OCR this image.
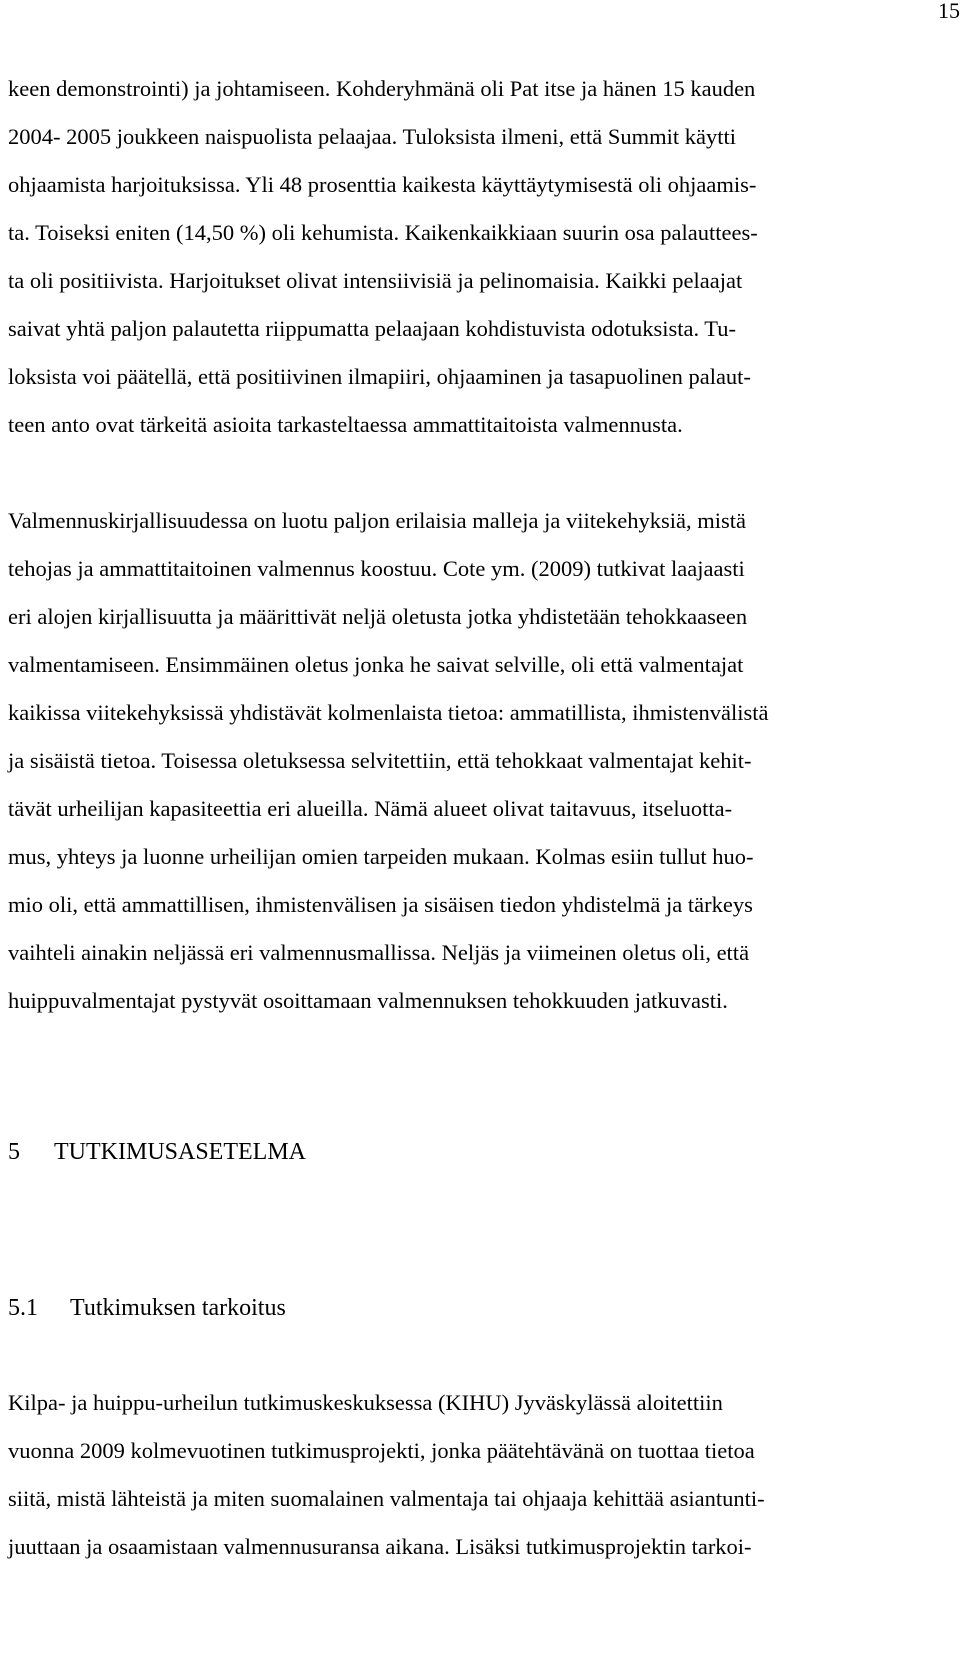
15
keen demonstrointi) ja johtamiseen. Kohderyhmänä oli Pat itse ja hänen 15 kauden
2004- 2005 joukkeen naispuolista pelaajaa. Tuloksista ilmeni, että Summit käytti
ohjaamista harjoituksissa. Yli 48 prosenttia kaikesta käyttäytymisestä oli ohjaamis-
ta. Toiseksi eniten (14,50 %) oli kehumista. Kaikenkaikkiaan suurin osa palauttees-
ta oli positiivista. Harjoitukset olivat intensiivisiä ja pelinomaisia. Kaikki pelaajat
saivat yhtä paljon palautetta riippumatta pelaajaan kohdistuvista odotuksista. Tu-
loksista voi päätellä, että positiivinen ilmapiiri, ohjaaminen ja tasapuolinen palaut-
teen anto ovat tärkeitä asioita tarkasteltaessa ammattitaitoista valmennusta.
Valmennuskirjallisuudessa on luotu paljon erilaisia malleja ja viitekehyksiä, mistä
tehojas ja ammattitaitoinen valmennus koostuu. Cote ym. (2009) tutkivat laajaasti
eri alojen kirjallisuutta ja määrittivät neljä oletusta jotka yhdistetään tehokkaaseen
valmentamiseen. Ensimmäinen oletus jonka he saivat selville, oli että valmentajat
kaikissa viitekehyksissä yhdistävät kolmenlaista tietoa: ammatillista, ihmistenvälistä
ja sisäistä tietoa. Toisessa oletuksessa selvitettiin, että tehokkaat valmentajat kehit-
tävät urheilijan kapasiteettia eri alueilla. Nämä alueet olivat taitavuus, itseluotta-
mus, yhteys ja luonne urheilijan omien tarpeiden mukaan. Kolmas esiin tullut huo-
mio oli, että ammattillisen, ihmistenvälisen ja sisäisen tiedon yhdistelmä ja tärkeys
vaihteli ainakin neljässä eri valmennusmallissa. Neljäs ja viimeinen oletus oli, että
huippuvalmentajat pystyvät osoittamaan valmennuksen tehokkuuden jatkuvasti.
5 TUTKIMUSASETELMA
5.1 Tutkimuksen tarkoitus
Kilpa- ja huippu-urheilun tutkimuskeskuksessa (KIHU) Jyväskylässä aloitettiin
vuonna 2009 kolmevuotinen tutkimusprojekti, jonka päätehtävänä on tuottaa tietoa
siitä, mistä lähteistä ja miten suomalainen valmentaja tai ohjaaja kehittää asiantunti-
juuttaan ja osaamistaan valmennusuransa aikana. Lisäksi tutkimusprojektin tarkoi-
